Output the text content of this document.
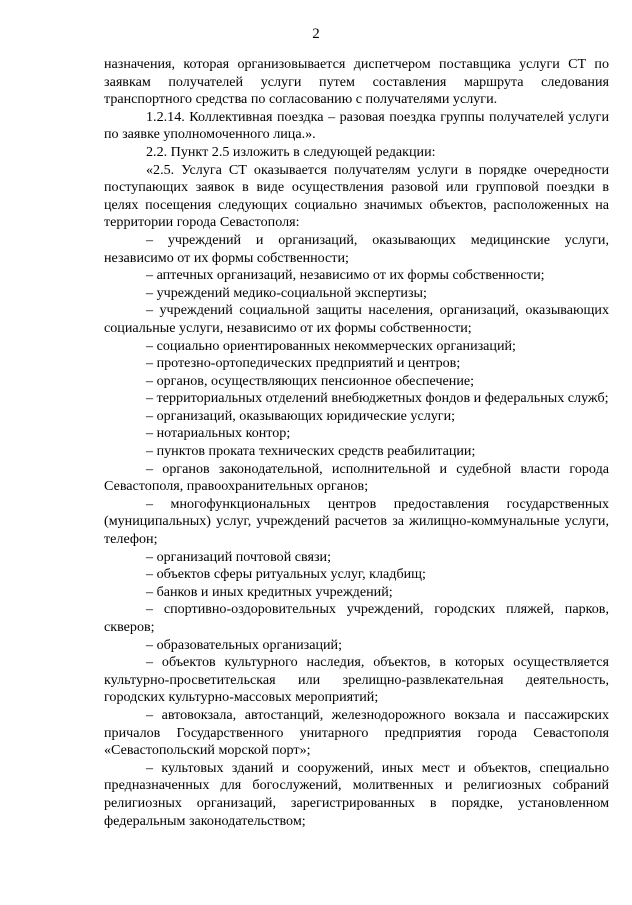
2

назначения, которая организовывается диспетчером поставщика услуги СТ по заявкам получателей услуги путем составления маршрута следования транспортного средства по согласованию с получателями услуги.

1.2.14. Коллективная поездка – разовая поездка группы получателей услуги по заявке уполномоченного лица.».

2.2. Пункт 2.5 изложить в следующей редакции:

«2.5. Услуга СТ оказывается получателям услуги в порядке очередности поступающих заявок в виде осуществления разовой или групповой поездки в целях посещения следующих социально значимых объектов, расположенных на территории города Севастополя:

– учреждений и организаций, оказывающих медицинские услуги, независимо от их формы собственности;

– аптечных организаций, независимо от их формы собственности;

– учреждений медико-социальной экспертизы;

– учреждений социальной защиты населения, организаций, оказывающих социальные услуги, независимо от их формы собственности;

– социально ориентированных некоммерческих организаций;

– протезно-ортопедических предприятий и центров;

– органов, осуществляющих пенсионное обеспечение;

– территориальных отделений внебюджетных фондов и федеральных служб;

– организаций, оказывающих юридические услуги;

– нотариальных контор;

– пунктов проката технических средств реабилитации;

– органов законодательной, исполнительной и судебной власти города Севастополя, правоохранительных органов;

– многофункциональных центров предоставления государственных (муниципальных) услуг, учреждений расчетов за жилищно-коммунальные услуги, телефон;

– организаций почтовой связи;

– объектов сферы ритуальных услуг, кладбищ;

– банков и иных кредитных учреждений;

– спортивно-оздоровительных учреждений, городских пляжей, парков, скверов;

– образовательных организаций;

– объектов культурного наследия, объектов, в которых осуществляется культурно-просветительская или зрелищно-развлекательная деятельность, городских культурно-массовых мероприятий;

– автовокзала, автостанций, железнодорожного вокзала и пассажирских причалов Государственного унитарного предприятия города Севастополя «Севастопольский морской порт»;

– культовых зданий и сооружений, иных мест и объектов, специально предназначенных для богослужений, молитвенных и религиозных собраний религиозных организаций, зарегистрированных в порядке, установленном федеральным законодательством;
